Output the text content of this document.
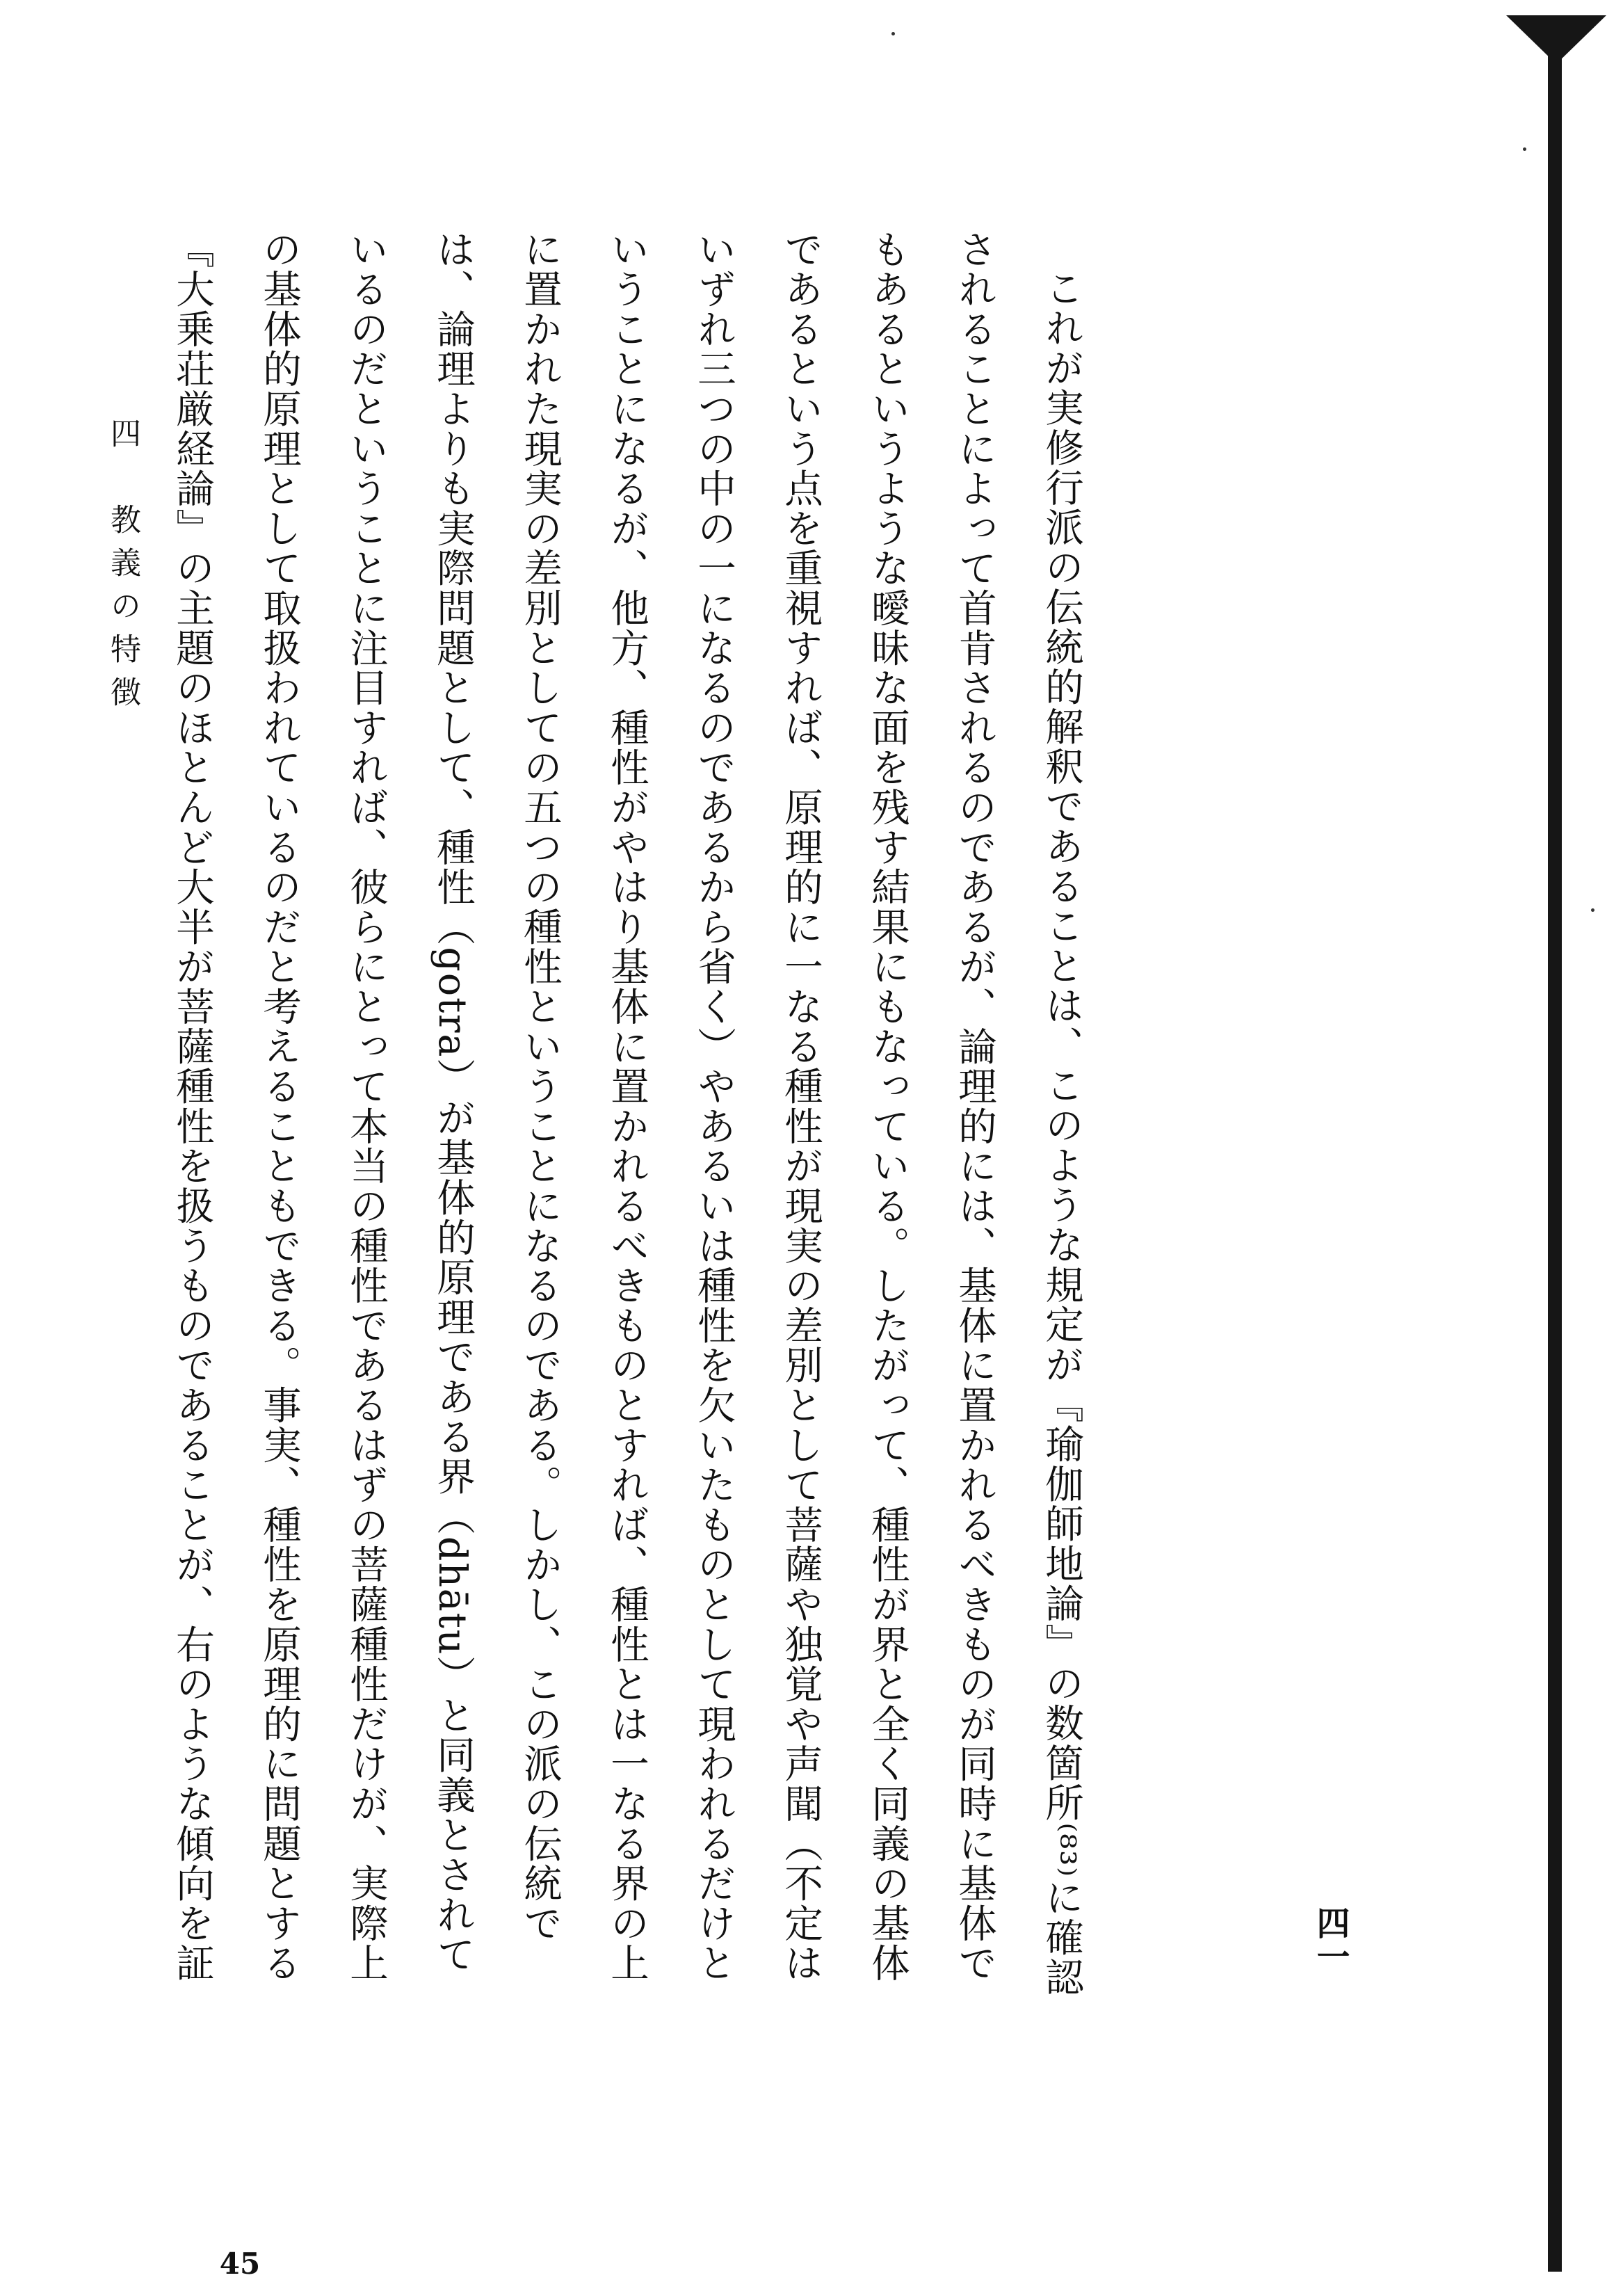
これが実修行派の伝統的解釈であることは、このような規定が『瑜伽師地論』の数箇所⁽⁸³⁾に確認されることによって首肯されるのであるが、論理的には、基体に置かれるべきものが同時に基体でもあるというような曖昧な面を残す結果にもなっている。したがって、種性が界と全く同義の基体であるという点を重視すれば、原理的に一なる種性が現実の差別として菩薩や独覚や声聞（不定はいずれ三つの中の一になるのであるから省く）やあるいは種性を欠いたものとして現われるだけということになるが、他方、種性がやはり基体に置かれるべきものとすれば、種性とは一なる界の上に置かれた現実の差別としての五つの種性ということになるのである。しかし、この派の伝統では、論理よりも実際問題として、種性（gotra）が基体的原理である界（dhātu）と同義とされているのだということに注目すれば、彼らにとって本当の種性であるはずの菩薩種性だけが、実際上の基体的原理として取扱われているのだと考えることもできる。事実、種性を原理的に問題とする『大乗荘厳経論』の主題のほとんど大半が菩薩種性を扱うものであることが、右のような傾向を証

四　教義の特徴
四一
45
